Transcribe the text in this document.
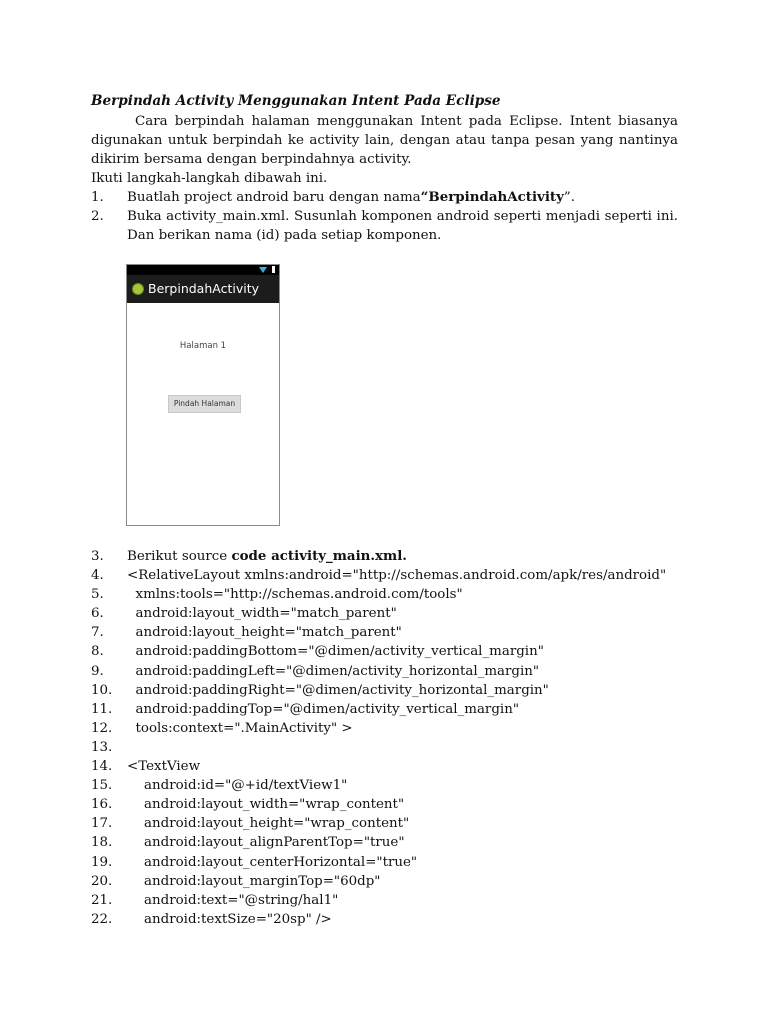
Berpindah Activity Menggunakan Intent Pada Eclipse

Cara berpindah halaman menggunakan Intent pada Eclipse. Intent biasanya digunakan untuk berpindah ke activity lain, dengan atau tanpa pesan yang nantinya dikirim bersama dengan berpindahnya activity.

Ikuti langkah-langkah dibawah ini.
1. Buatlah project android baru dengan nama“BerpindahActivity”.
2. Buka activity_main.xml. Susunlah komponen android seperti menjadi seperti ini. Dan berikan nama (id) pada setiap komponen.
BerpindahActivity
Halaman 1
Pindah Halaman
3. Berikut source code activity_main.xml.
4. <RelativeLayout xmlns:android="http://schemas.android.com/apk/res/android"
5. xmlns:tools="http://schemas.android.com/tools"
6. android:layout_width="match_parent"
7. android:layout_height="match_parent"
8. android:paddingBottom="@dimen/activity_vertical_margin"
9. android:paddingLeft="@dimen/activity_horizontal_margin"
10. android:paddingRight="@dimen/activity_horizontal_margin"
11. android:paddingTop="@dimen/activity_vertical_margin"
12. tools:context=".MainActivity" >
13.
14. <TextView
15. android:id="@+id/textView1"
16. android:layout_width="wrap_content"
17. android:layout_height="wrap_content"
18. android:layout_alignParentTop="true"
19. android:layout_centerHorizontal="true"
20. android:layout_marginTop="60dp"
21. android:text="@string/hal1"
22. android:textSize="20sp" />
